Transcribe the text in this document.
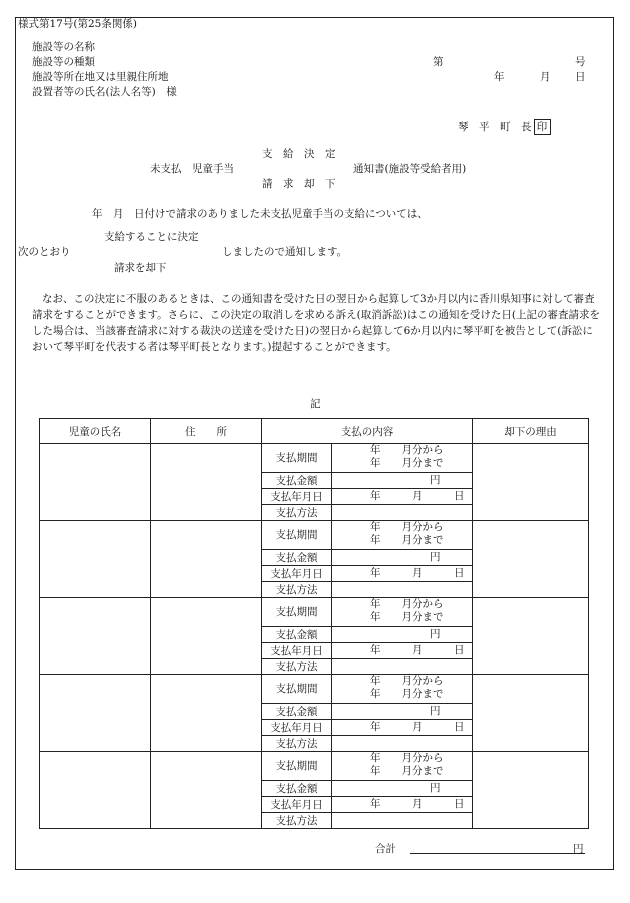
様式第17号(第25条関係)
施設等の名称
施設等の種類
施設等所在地又は里親住所地
設置者等の氏名(法人名等)　様
第	号
年	月 日
琴　平　町　長 印
支　給　決　定
未支払　児童手当	通知書(施設等受給者用)
請　求　却　下
年　月　日付けで請求のありました未支払児童手当の支給については、
支給することに決定
次のとおり	しましたので通知します。
請求を却下
なお、この決定に不服のあるときは、この通知書を受けた日の翌日から起算して3か月以内に香川県知事に対して審査請求をすることができます。さらに、この決定の取消しを求める訴え(取消訴訟)はこの通知を受けた日(上記の審査請求をした場合は、当該審査請求に対する裁決の送達を受けた日)の翌日から起算して6か月以内に琴平町を被告として(訴訟において琴平町を代表する者は琴平町長となります。)提起することができます。
記
児童の氏名	住　　所	支払の内容		却下の理由
		支払期間	年　　月分から
年　　月分まで	

		支払金額	円	

		支払年月日	年　　　月　　　日	

		支払方法		
		支払期間	年　　月分から
年　　月分まで	

		支払金額	円	

		支払年月日	年　　　月　　　日	

		支払方法		
		支払期間	年　　月分から
年　　月分まで	

		支払金額	円	

		支払年月日	年　　　月　　　日	

		支払方法		
		支払期間	年　　月分から
年　　月分まで	

		支払金額	円	

		支払年月日	年　　　月　　　日	

		支払方法		
		支払期間	年　　月分から
年　　月分まで	

		支払金額	円	

		支払年月日	年　　　月　　　日	

		支払方法		
合計	円
